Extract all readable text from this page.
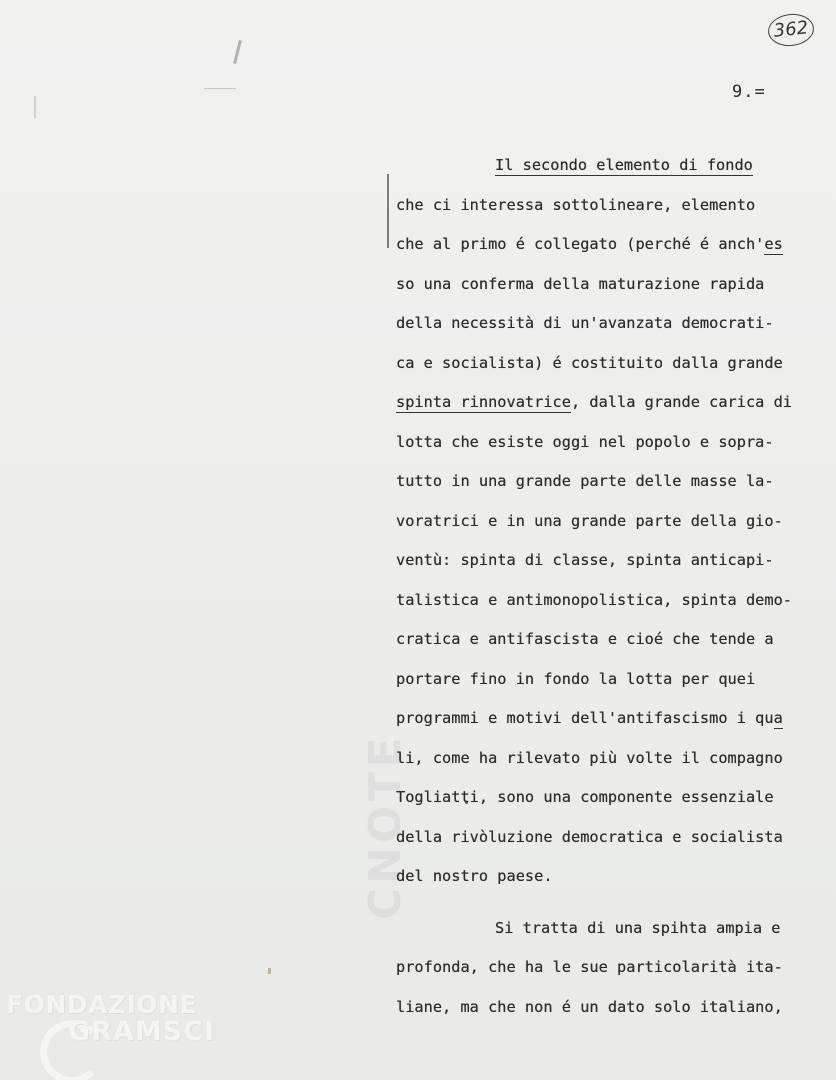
362
9.=
CNOTE
Il secondo elemento di fondo
che ci interessa sottolineare, elemento
che al primo é collegato (perché é anch'es
so una conferma della maturazione rapida
della necessità di un'avanzata democrati-
ca e socialista) é costituito dalla grande
spinta rinnovatrice, dalla grande carica di
lotta che esiste oggi nel popolo e sopra-
tutto in una grande parte delle masse la-
voratrici e in una grande parte della gio-
ventù: spinta di classe, spinta anticapi-
talistica e antimonopolistica, spinta demo-
cratica e antifascista e cioé che tende a
portare fino in fondo la lotta per quei
programmi e motivi dell'antifascismo i qua
li, come ha rilevato più volte il compagno
Togliatti, sono una componente essenziale
della rivòluzione democratica e socialista
del nostro paese.
Si tratta di una spihta ampia e
profonda, che ha le sue particolarità ita-
liane, ma che non é un dato solo italiano,
FONDAZIONE
GRAMSCI
